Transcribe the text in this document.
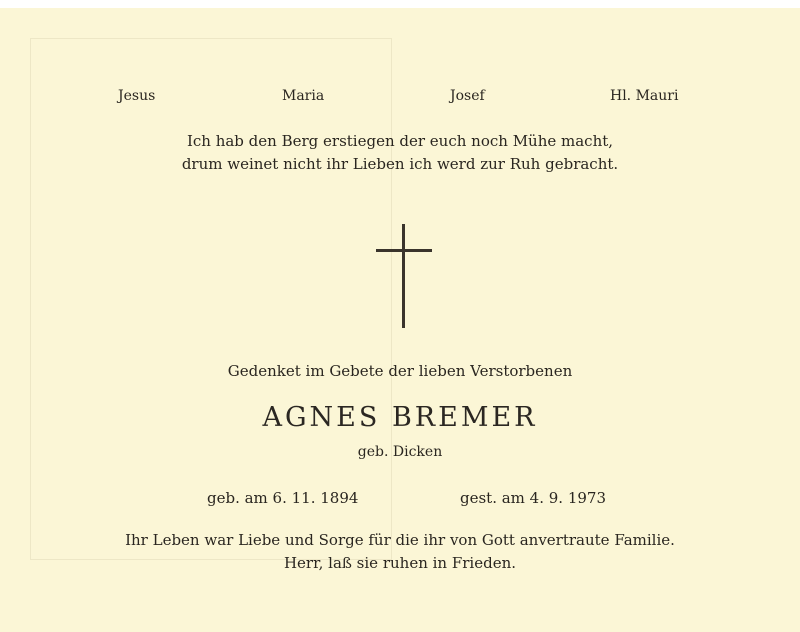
Jesus	Maria	Josef	Hl. Mauri
Ich hab den Berg erstiegen der euch noch Mühe macht,
drum weinet nicht ihr Lieben ich werd zur Ruh gebracht.
Gedenket im Gebete der lieben Verstorbenen
AGNES BREMER
geb. Dicken
geb. am 6. 11. 1894	gest. am 4. 9. 1973
Ihr Leben war Liebe und Sorge für die ihr von Gott anvertraute Familie.
Herr, laß sie ruhen in Frieden.
